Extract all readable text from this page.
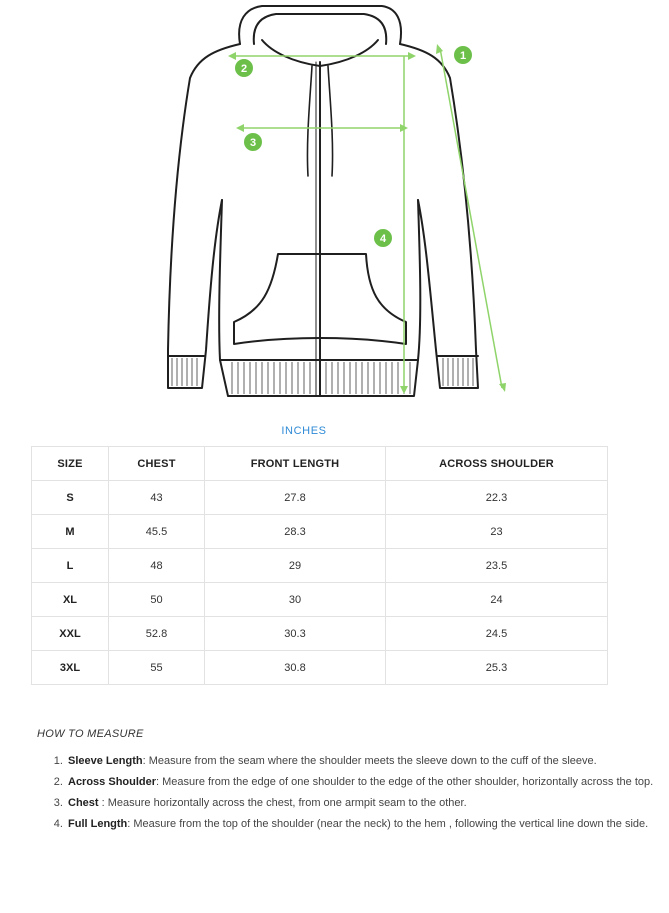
1
2
3
4
INCHES
SIZE	CHEST	FRONT LENGTH	ACROSS SHOULDER
S	43	27.8	22.3
M	45.5	28.3	23
L	48	29	23.5
XL	50	30	24
XXL	52.8	30.3	24.5
3XL	55	30.8	25.3
HOW TO MEASURE
1. Sleeve Length: Measure from the seam where the shoulder meets the sleeve down to the cuff of the sleeve.
2. Across Shoulder: Measure from the edge of one shoulder to the edge of the other shoulder, horizontally across the top.
3. Chest : Measure horizontally across the chest, from one armpit seam to the other.
4. Full Length: Measure from the top of the shoulder (near the neck) to the hem , following the vertical line down the side.
